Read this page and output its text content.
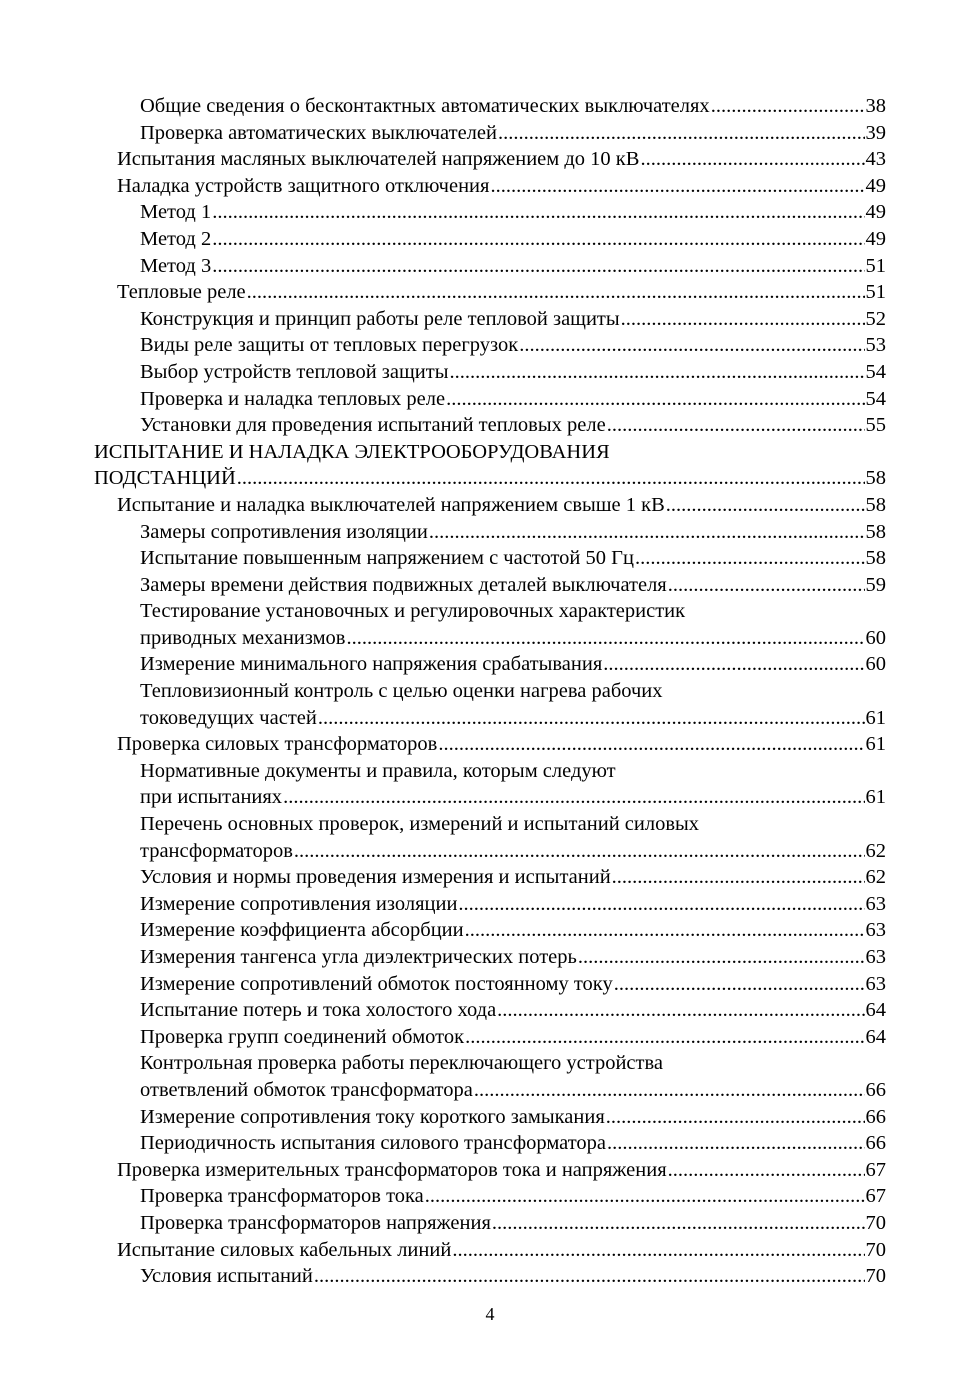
Общие сведения о бесконтактных автоматических выключателях .....	38
Проверка автоматических выключателей .....	39
Испытания масляных выключателей напряжением до 10 кВ .....	43
Наладка устройств защитного отключения .....	49
Метод 1 .....	49
Метод 2 .....	49
Метод 3 .....	51
Тепловые реле .....	51
Конструкция и принцип работы реле тепловой защиты .....	52
Виды реле защиты от тепловых перегрузок .....	53
Выбор устройств тепловой защиты .....	54
Проверка и наладка тепловых реле .....	54
Установки для проведения испытаний тепловых реле .....	55
ИСПЫТАНИЕ И НАЛАДКА ЭЛЕКТРООБОРУДОВАНИЯ
ПОДСТАНЦИЙ .....	58
Испытание и наладка выключателей напряжением свыше 1 кВ .....	58
Замеры сопротивления изоляции .....	58
Испытание повышенным напряжением с частотой 50 Гц .....	58
Замеры времени действия подвижных деталей выключателя .....	59
Тестирование установочных и регулировочных характеристик
приводных механизмов .....	60
Измерение минимального напряжения срабатывания .....	60
Тепловизионный контроль с целью оценки нагрева рабочих
токоведущих частей .....	61
Проверка силовых трансформаторов .....	61
Нормативные документы и правила, которым следуют
при испытаниях .....	61
Перечень основных проверок, измерений и испытаний силовых
трансформаторов .....	62
Условия и нормы проведения измерения и испытаний .....	62
Измерение сопротивления изоляции .....	63
Измерение коэффициента абсорбции .....	63
Измерения тангенса угла диэлектрических потерь .....	63
Измерение сопротивлений обмоток постоянному току .....	63
Испытание потерь и тока холостого хода .....	64
Проверка групп соединений обмоток .....	64
Контрольная проверка работы переключающего устройства
ответвлений обмоток трансформатора .....	66
Измерение сопротивления току короткого замыкания .....	66
Периодичность испытания силового трансформатора .....	66
Проверка измерительных трансформаторов тока и напряжения .....	67
Проверка трансформаторов тока .....	67
Проверка трансформаторов напряжения .....	70
Испытание силовых кабельных линий .....	70
Условия испытаний .....	70
4
